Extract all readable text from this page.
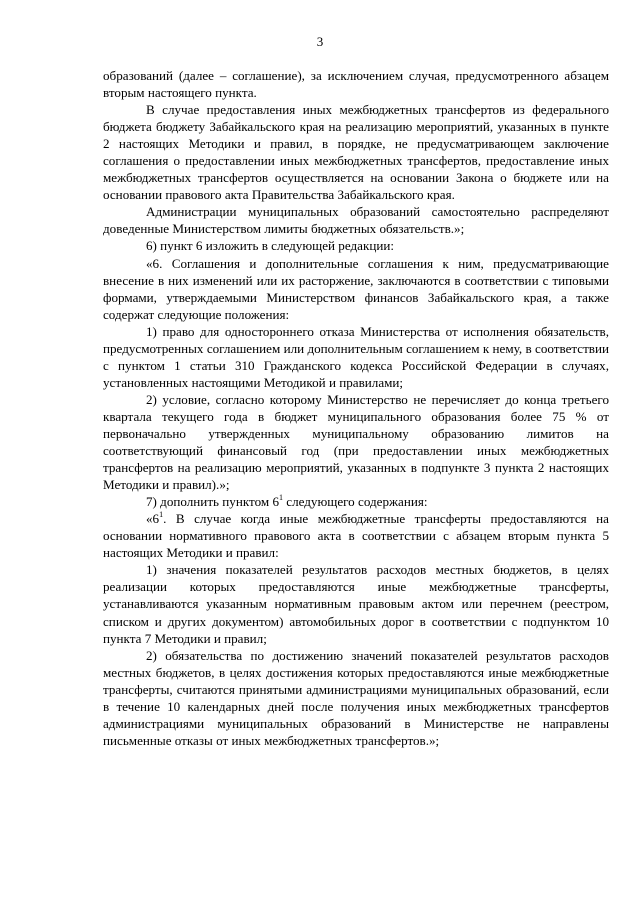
3

образований (далее – соглашение), за исключением случая, предусмотренного абзацем вторым настоящего пункта.

В случае предоставления иных межбюджетных трансфертов из федерального бюджета бюджету Забайкальского края на реализацию мероприятий, указанных в пункте 2 настоящих Методики и правил, в порядке, не предусматривающем заключение соглашения о предоставлении иных межбюджетных трансфертов, предоставление иных межбюджетных трансфертов осуществляется на основании Закона о бюджете или на основании правового акта Правительства Забайкальского края.

Администрации муниципальных образований самостоятельно распределяют доведенные Министерством лимиты бюджетных обязательств.»;

6) пункт 6 изложить в следующей редакции:

«6. Соглашения и дополнительные соглашения к ним, предусматривающие внесение в них изменений или их расторжение, заключаются в соответствии с типовыми формами, утверждаемыми Министерством финансов Забайкальского края, а также содержат следующие положения:

1) право для одностороннего отказа Министерства от исполнения обязательств, предусмотренных соглашением или дополнительным соглашением к нему, в соответствии с пунктом 1 статьи 310 Гражданского кодекса Российской Федерации в случаях, установленных настоящими Методикой и правилами;

2) условие, согласно которому Министерство не перечисляет до конца третьего квартала текущего года в бюджет муниципального образования более 75 % от первоначально утвержденных муниципальному образованию лимитов на соответствующий финансовый год (при предоставлении иных межбюджетных трансфертов на реализацию мероприятий, указанных в подпункте 3 пункта 2 настоящих Методики и правил).»;

7) дополнить пунктом $6^1$ следующего содержания:

«$6^1$. В случае когда иные межбюджетные трансферты предоставляются на основании нормативного правового акта в соответствии с абзацем вторым пункта 5 настоящих Методики и правил:

1) значения показателей результатов расходов местных бюджетов, в целях реализации которых предоставляются иные межбюджетные трансферты, устанавливаются указанным нормативным правовым актом или перечнем (реестром, списком и других документом) автомобильных дорог в соответствии с подпунктом 10 пункта 7 Методики и правил;

2) обязательства по достижению значений показателей результатов расходов местных бюджетов, в целях достижения которых предоставляются иные межбюджетные трансферты, считаются принятыми администрациями муниципальных образований, если в течение 10 календарных дней после получения иных межбюджетных трансфертов администрациями муниципальных образований в Министерстве не направлены письменные отказы от иных межбюджетных трансфертов.»;
